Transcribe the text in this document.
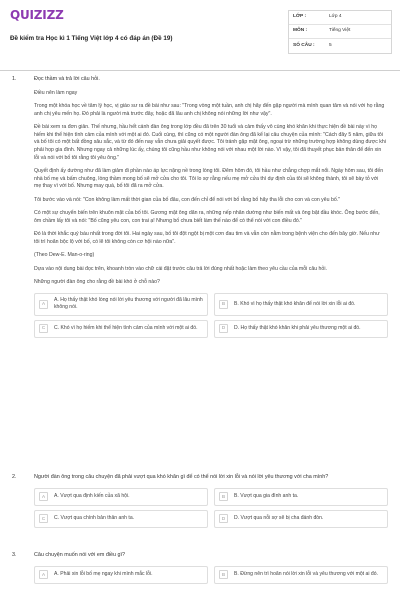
QUIZIZZ
Đề kiểm tra Học kì 1 Tiếng Việt lớp 4 có đáp án (Đề 19)
LỚP :	Lớp 4
MÔN :	Tiếng Việt
SỐ CÂU :	5
1.	Đọc thầm và trả lời câu hỏi.
Điều nên làm ngay
Trong một khóa học về tâm lý học, vị giáo sư ra đề bài như sau: "Trong vòng một tuần, anh chị hãy đến gặp người mà mình quan tâm và nói với họ rằng anh chị yêu mến họ. Đó phải là người mà trước đây, hoặc đã lâu anh chị không nói những lời như vậy".
Đề bài xem ra đơn giản. Thế nhưng, hầu hết cánh đàn ông trong lớp đều đã trên 30 tuổi và cảm thấy vô cùng khó khăn khi thực hiện đề bài này vì họ hiếm khi thể hiện tình cảm của mình với một ai đó. Cuối cùng, thì cũng có một người đàn ông đã kể lại câu chuyện của mình: "Cách đây 5 năm, giữa tôi và bố tôi có một bất đồng sâu sắc, và từ đó đến nay vẫn chưa giải quyết được. Tôi tránh gặp mặt ông, ngoại trừ những trường hợp không dùng được khi phải họp gia đình. Nhưng ngay cả những lúc ấy, chúng tôi cũng hầu như không nói với nhau một lời nào. Vì vậy, tôi đã thuyết phục bản thân để đến xin lỗi và nói với bố tôi rằng tôi yêu ông."
Quyết định ấy dường như đã làm giảm đi phần nào áp lực nặng nề trong lòng tôi. Đêm hôm đó, tôi hầu như chẳng chợp mắt nổi. Ngày hôm sau, tôi đến nhà bố mẹ và bấm chuông, lòng thầm mong bố sẽ mở cửa cho tôi. Tôi lo sợ rằng nếu mẹ mở cửa thì dự định của tôi sẽ không thành, tôi sẽ bày tỏ với mẹ thay vì với bố. Nhưng may quá, bố tôi đã ra mở cửa.
Tôi bước vào và nói: "Con không làm mất thời gian của bố đâu, con đến chỉ để nói với bố rằng bố hãy tha lỗi cho con và con yêu bố."
Có một sự chuyển biến trên khuôn mặt của bố tôi. Gương mặt ông dãn ra, những nếp nhăn dường như biến mất và ông bật đầu khóc. Ông bước đến, ôm chầm lấy tôi và nói: "Bố cũng yêu con, con trai ạ! Nhưng bố chưa biết làm thế nào để có thể nói với con điều đó."
Đó là thời khắc quý báu nhất trong đời tôi. Hai ngày sau, bố tôi đột ngột bị một cơn đau tim và vẫn còn nằm trong bệnh viện cho đến bây giờ. Nếu như tôi trì hoãn bộc lộ với bố, có lẽ tôi không còn cơ hội nào nữa".
(Theo Dew-E. Man-o-ring)
Dựa vào nội dung bài đọc trên, khoanh tròn vào chữ cái đặt trước câu trả lời đúng nhất hoặc làm theo yêu cầu của mỗi câu hỏi.
Những người đàn ông cho rằng đề bài khó ở chỗ nào?
A
A. Họ thấy thật khó lòng nói lời yêu thương với người đã lâu mình không nói.
B	B. Khó vì họ thấy thật khó khăn để nói lời xin lỗi ai đó.
C	C. Khó vì họ hiếm khi thể hiện tình cảm của mình với một ai đó.	D	D. Họ thấy thật khó khăn khi phải yêu thương một ai đó.
2.	Người đàn ông trong câu chuyện đã phải vượt qua khó khăn gì để có thể nói lời xin lỗi và nói lời yêu thương với cha mình?
A	A. Vượt qua định kiến của xã hội.	B	B. Vượt qua gia đình anh ta.
C	C. Vượt qua chính bản thân anh ta.	D	D. Vượt qua nỗi sợ sẽ bị cha đánh đòn.
3.	Câu chuyện muốn nói với em điều gì?
A	A. Phải xin lỗi bố mẹ ngay khi mình mắc lỗi.	B	B. Đừng nên trì hoãn nói lời xin lỗi và yêu thương với một ai đó.
